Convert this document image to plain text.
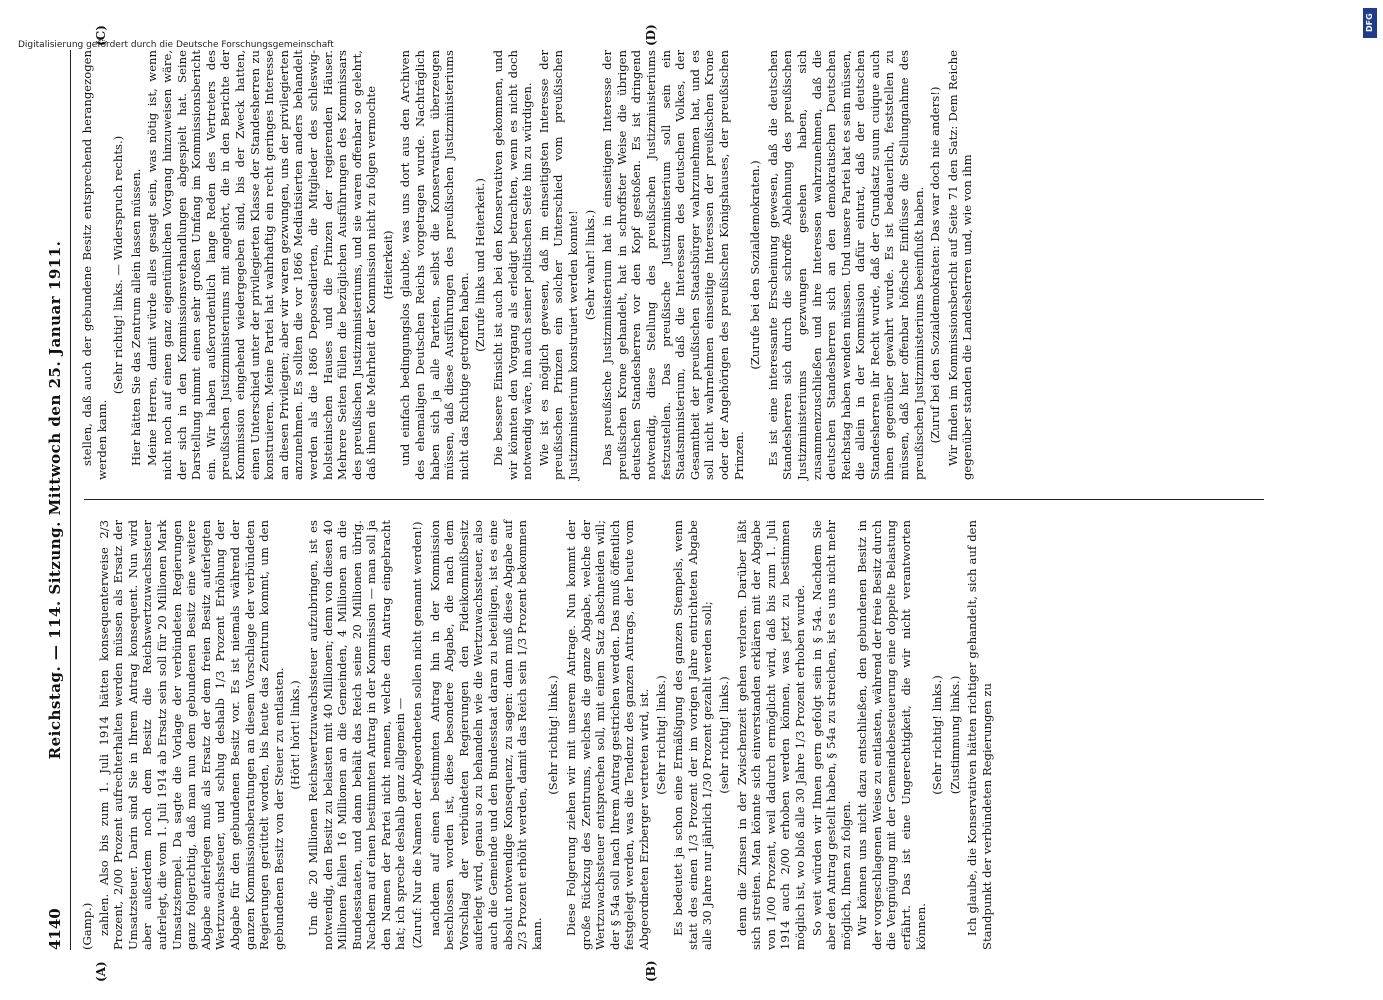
4140
Reichstag. — 114. Sitzung. Mittwoch den 25. Januar 1911.
(A)	(B)
(C)	(D)

(Gamp.) zahlen. Also bis zum 1. Juli 1914 hätten konsequenterweise 2/3 Prozent, 2/00 Prozent aufrechterhalten werden müssen als Ersatz der Umsatzsteuer. Darin sind Sie in Ihrem Antrag konsequent. Nun wird aber außerdem noch dem Besitz die Reichswertzuwachssteuer auferlegt, die vom 1. Juli 1914 ab Ersatz sein soll für 20 Millionen Mark Umsatzstempel. Da sagte die Vorlage der verbündeten Regierungen ganz folgerichtig, daß man nun dem gebundenen Besitz eine weitere Abgabe auferlegen muß als Ersatz der dem freien Besitz auferlegten Wertzuwachssteuer, und schlug deshalb 1/3 Prozent Erhöhung der Abgabe für den gebundenen Besitz vor. Es ist niemals während der ganzen Kommissionsberatungen an diesem Vorschlage der verbündeten Regierungen gerüttelt worden, bis heute das Zentrum kommt, um den gebundenen Besitz von der Steuer zu entlasten. (Hört! hört! links.) Um die 20 Millionen Reichswertzuwachssteuer aufzubringen, ist es notwendig, den Besitz zu belasten mit 40 Millionen; denn von diesen 40 Millionen fallen 16 Millionen an die Gemeinden, 4 Millionen an die Bundesstaaten, und dann behält das Reich seine 20 Millionen übrig. Nachdem auf einen bestimmten Antrag in der Kommission — man soll ja den Namen der Partei nicht nennen, welche den Antrag eingebracht hat; ich spreche deshalb ganz allgemein — (Zuruf: Nur die Namen der Abgeordneten sollen nicht genannt werden!) nachdem auf einen bestimmten Antrag hin in der Kommission beschlossen worden ist, diese besondere Abgabe, die nach dem Vorschlag der verbündeten Regierungen den Fideikommißbesitz auferlegt wird, genau so zu behandeln wie die Wertzuwachssteuer, also auch die Gemeinde und den Bundesstaat daran zu beteiligen, ist es eine absolut notwendige Konsequenz, zu sagen: dann muß diese Abgabe auf 2/3 Prozent erhöht werden, damit das Reich sein 1/3 Prozent bekommen kann.

(Sehr richtig! links.) Diese Folgerung ziehen wir mit unserem Antrage. Nun kommt der große Rückzug des Zentrums, welches die ganze Abgabe, welche der Wertzuwachssteuer entsprechen soll, mit einem Satz abschneiden will; der § 54a soll nach Ihrem Antrag gestrichen werden. Das muß öffentlich festgelegt werden, was die Tendenz des ganzen Antrags, der heute vom Abgeordneten Erzberger vertreten wird, ist. (Sehr richtig! links.) Es bedeutet ja schon eine Ermäßigung des ganzen Stempels, wenn statt des einen 1/3 Prozent der im vorigen Jahre entrichteten Abgabe alle 30 Jahre nur jährlich 1/30 Prozent gezahlt werden soll; (sehr richtig! links.) denn die Zinsen in der Zwischenzeit gehen verloren. Darüber läßt sich streiten. Man könnte sich einverstanden erklären mit der Abgabe von 1/00 Prozent, weil dadurch ermöglicht wird, daß bis zum 1. Juli 1914 auch 2/00 erhoben werden können, was jetzt zu bestimmen möglich ist, wo bloß alle 30 Jahre 1/3 Prozent erhoben wurde. So weit würden wir Ihnen gern gefolgt sein in § 54a. Nachdem Sie aber den Antrag gestellt haben, § 54a zu streichen, ist es uns nicht mehr möglich, Ihnen zu folgen. Wir können uns nicht dazu entschließen, den gebundenen Besitz in der vorgeschlagenen Weise zu entlasten, während der freie Besitz durch die Vergnügung mit der Gemeindebesteuerung eine doppelte Belastung erfährt. Das ist eine Ungerechtigkeit, die wir nicht verantworten können.

(Sehr richtig! links.) (Zustimmung links.) Ich glaube, die Konservativen hätten richtiger gehandelt, sich auf den Standpunkt der verbündeten Regierungen zu

stellen, daß auch der gebundene Besitz entsprechend herangezogen werden kann.

(Sehr richtig! links. — Widerspruch rechts.) Hier hätten Sie das Zentrum allein lassen müssen. Meine Herren, damit würde alles gesagt sein, was nötig ist, wenn nicht noch auf einen ganz eigentümlichen Vorgang hinzuweisen wäre, der sich in den Kommissionsverhandlungen abgespielt hat. Seine Darstellung nimmt einen sehr großen Umfang im Kommissionsbericht ein. Wir haben außerordentlich lange Reden des Vertreters des preußischen Justizministeriums mit angehört, die in den Berichte der Kommission eingehend wiedergegeben sind, bis der Zweck hatten, einen Unterschied unter der privilegierten Klasse der Standesherren zu konstruieren. Meine Partei hat wahrhaftig ein recht geringes Interesse an diesen Privilegien; aber wir waren gezwungen, uns der privilegierten anzunehmen. Es sollten die vor 1866 Mediatisierten anders behandelt werden als die 1866 Depossedierten, die Mitglieder des schleswig-holsteinischen Hauses und die Prinzen der regierenden Häuser. Mehrere Seiten füllen die bezüglichen Ausführungen des Kommissars des preußischen Justizministeriums, und sie waren offenbar so gelehrt, daß ihnen die Mehrheit der Kommission nicht zu folgen vermochte (Heiterkeit) und einfach bedingungslos glaubte, was uns dort aus den Archiven des ehemaligen Deutschen Reichs vorgetragen wurde. Nachträglich haben sich ja alle Parteien, selbst die Konservativen überzeugen müssen, daß diese Ausführungen des preußischen Justizministeriums nicht das Richtige getroffen haben.

(Zurufe links und Heiterkeit.) Die bessere Einsicht ist auch bei den Konservativen gekommen, und wir könnten den Vorgang als erledigt betrachten, wenn es nicht doch notwendig wäre, ihn auch seiner politischen Seite hin zu würdigen. Wie ist es möglich gewesen, daß im einseitigsten Interesse der preußischen Prinzen ein solcher Unterschied vom preußischen Justizministerium konstruiert werden konnte! (Sehr wahr! links.) Das preußische Justizministerium hat in einseitigem Interesse der preußischen Krone gehandelt, hat in schroffster Weise die übrigen deutschen Standesherren vor den Kopf gestoßen. Es ist dringend notwendig, diese Stellung des preußischen Justizministeriums festzustellen. Das preußische Justizministerium soll sein ein Staatsministerium, daß die Interessen des deutschen Volkes, der Gesamtheit der preußischen Staatsbürger wahrzunehmen hat, und es soll nicht wahrnehmen einseitige Interessen der preußischen Krone oder der Angehörigen des preußischen Königshauses, der preußischen Prinzen.

(Zurufe bei den Sozialdemokraten.) Es ist eine interessante Erscheinung gewesen, daß die deutschen Standesherren sich durch die schroffe Ablehnung des preußischen Justizministeriums gezwungen gesehen haben, sich zusammenzuschließen und ihre Interessen wahrzunehmen, daß die deutschen Standesherren sich an den demokratischen Deutschen Reichstag haben wenden müssen. Und unsere Partei hat es sein müssen, die allein in der Kommission dafür eintrat, daß der deutschen Standesherren ihr Recht wurde, daß der Grundsatz suum cuique auch ihnen gegenüber gewahrt wurde. Es ist bedauerlich, feststellen zu müssen, daß hier offenbar höfische Einflüsse die Stellungnahme des preußischen Justizministeriums beeinflußt haben. (Zuruf bei den Sozialdemokraten: Das war doch nie anders!) Wir finden im Kommissionsbericht auf Seite 71 den Satz: Dem Reiche gegenüber standen die Landesherren und, wie von ihm

Digitalisierung gefördert durch die Deutsche Forschungsgemeinschaft
DFG
